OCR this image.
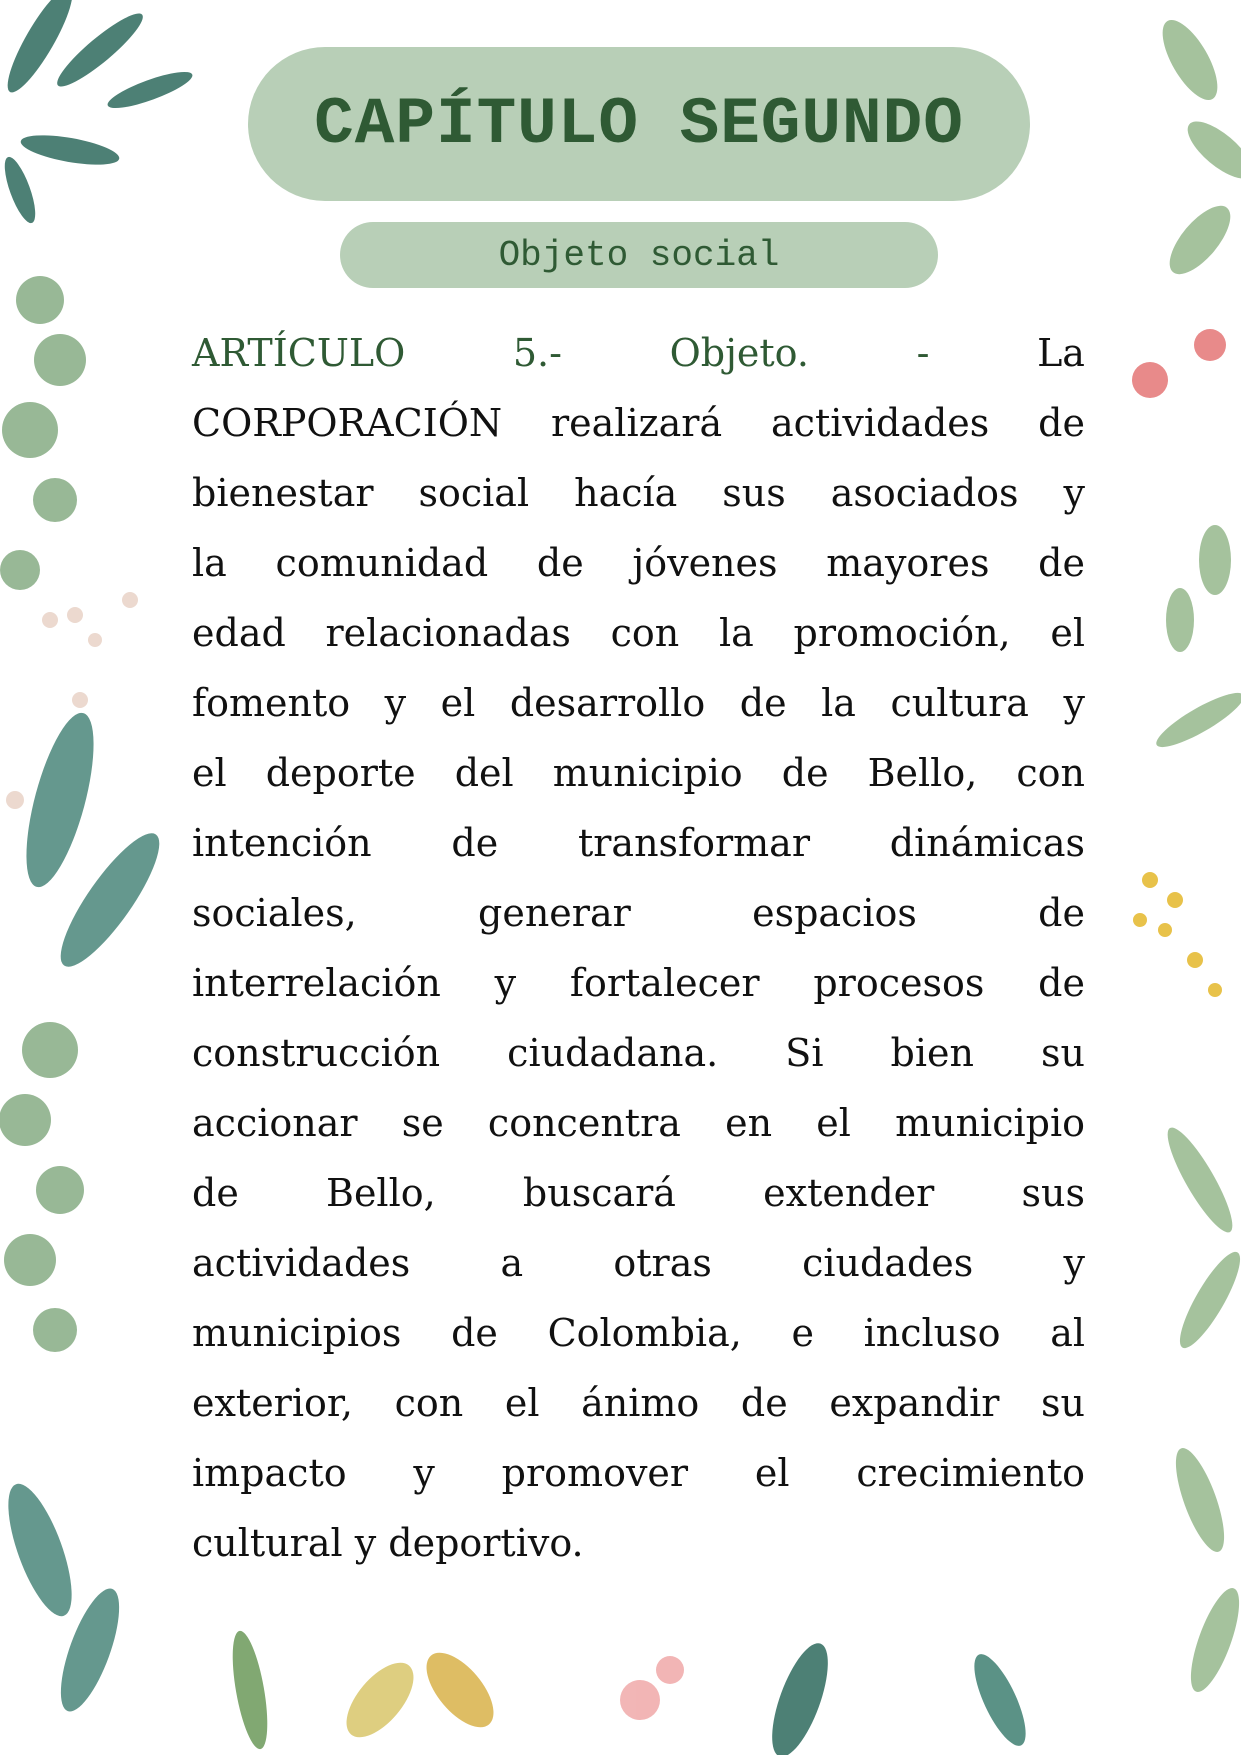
CAPÍTULO SEGUNDO
Objeto social
ARTÍCULO	5.-	Objeto.	-	La
CORPORACIÓN realizará actividades de
bienestar social hacía sus asociados y
la comunidad de jóvenes mayores de
edad relacionadas con la promoción, el
fomento y el desarrollo de la cultura y
el deporte del municipio de Bello, con
intención de transformar dinámicas
sociales, generar espacios de
interrelación y fortalecer procesos de
construcción ciudadana. Si bien su
accionar se concentra en el municipio
de Bello, buscará extender sus
actividades a otras ciudades y
municipios de Colombia, e incluso al
exterior, con el ánimo de expandir su
impacto y promover el crecimiento
cultural y deportivo.
